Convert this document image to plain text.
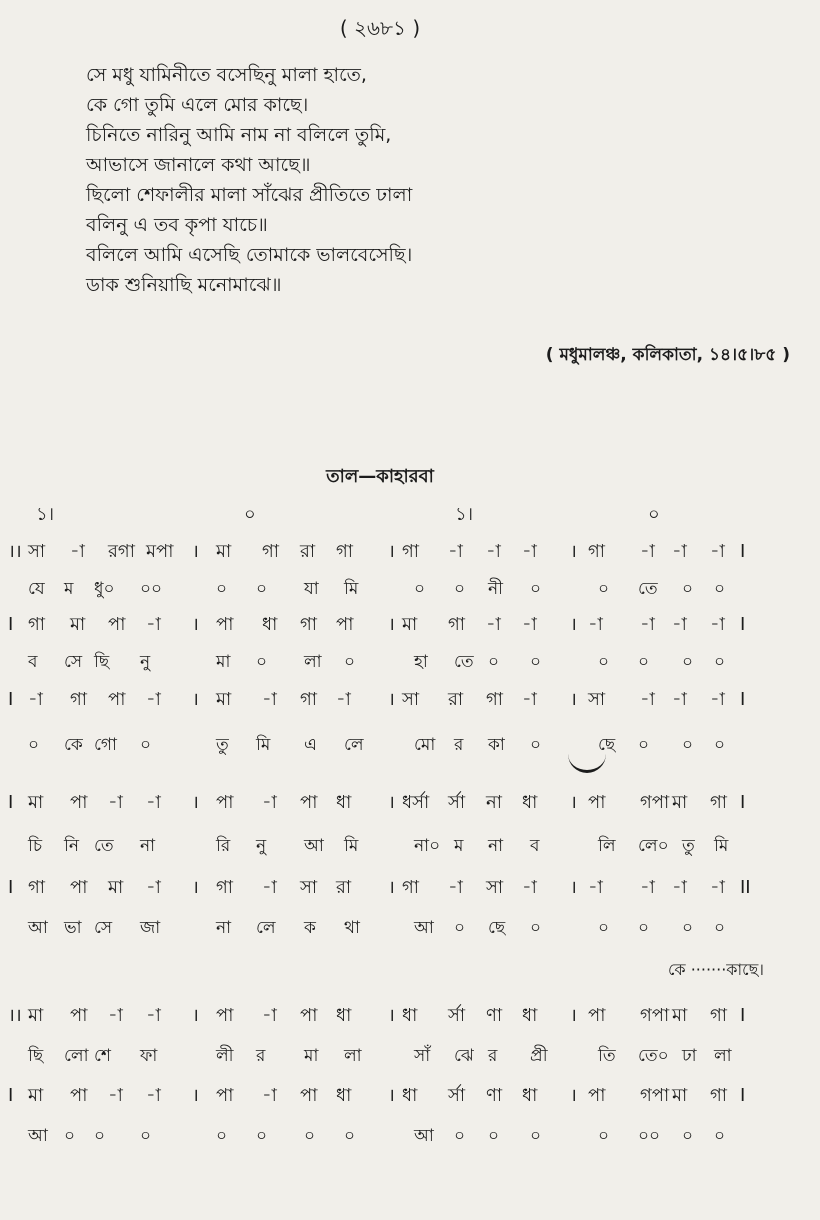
( ২৬৮১ )
সে মধু যামিনীতে বসেছিনু মালা হাতে,
কে গো তুমি এলে মোর কাছে।
চিনিতে নারিনু আমি নাম না বলিলে তুমি,
আভাসে জানালে কথা আছে॥
ছিলো শেফালীর মালা সাঁঝের প্রীতিতে ঢালা
বলিনু এ তব কৃপা যাচে॥
বলিলে আমি এসেছি তোমাকে ভালবেসেছি।
ডাক শুনিয়াছি মনোমাঝে॥
( মধুমালঞ্চ, কলিকাতা, ১৪।৫।৮৫ )
তাল—কাহারবা
১।	০	১।	০
।। সা -া রগা মপা । মা গা রা গা । গা -া -া -া । গা -া -া -া I
যে ম ধু০ ০০	০ ০ যা মি	০ ০ নী ০	০ তে ০ ০
I গা মা পা -া । পা ধা গা পা । মা গা -া -া । -া -া -া -া I
ব সে ছি নু	মা ০ লা ০	হা তে ০ ০	০ ০ ০ ০
I -া গা পা -া । মা -া গা -া । সা রা গা -া । সা -া -া -া I
০ কে গো ০	তু মি এ লে	মো র কা ০	ছে ০ ০ ০
I মা পা -া -া । পা -া পা ধা । ধর্সা র্সা না ধা । পা গপা মা গা I
চি নি তে না	রি নু আ মি	না০ ম না ব	লি লে০ তু মি
I গা পা মা -া । গা -া সা রা । গা -া সা -া । -া -া -া -া II
আ ভা সে জা	না লে ক থা	আ ০ ছে ০	০ ০ ০ ০
।। মা পা -া -া । পা -া পা ধা । ধা র্সা ণা ধা । পা গপা মা গা I
ছি লো শে ফা	লী র মা লা	সাঁ ঝে র প্রী	তি তে০ ঢা লা
I মা পা -া -া । পা -া পা ধা । ধা র্সা ণা ধা । পা গপা মা গা I
আ ০ ০ ০	০ ০ ০ ০	আ ০ ০ ০	০ ০০ ০ ০
কে ·······কাছে।
